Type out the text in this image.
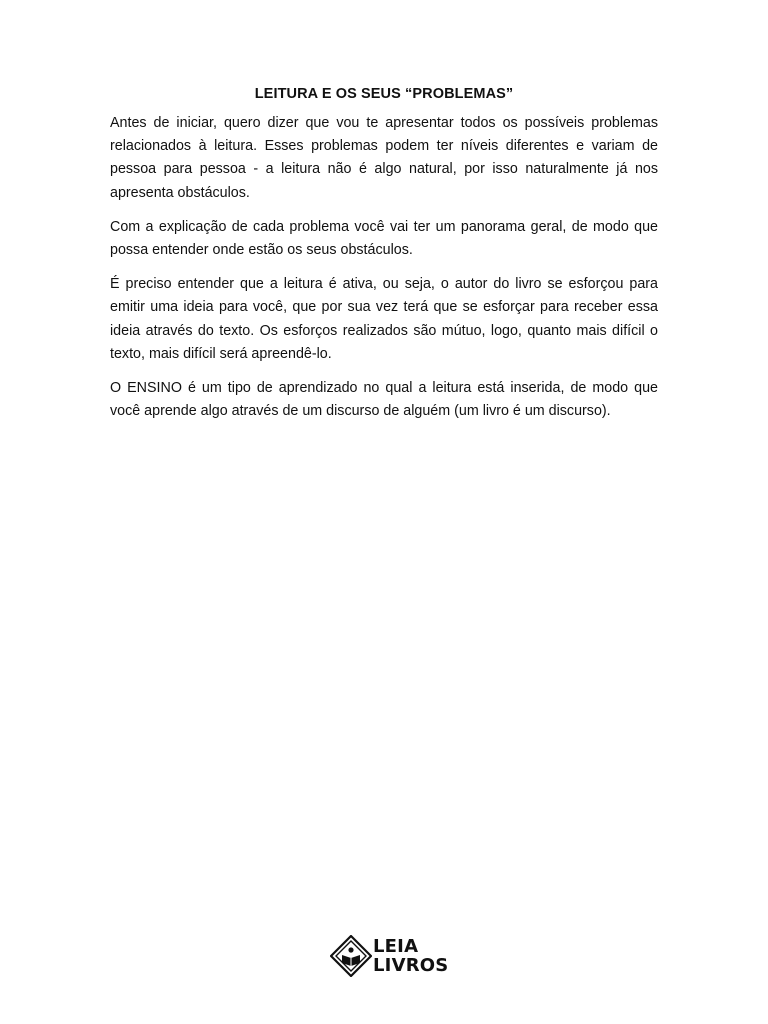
LEITURA E OS SEUS “PROBLEMAS”

Antes de iniciar, quero dizer que vou te apresentar todos os possíveis problemas relacionados à leitura. Esses problemas podem ter níveis diferentes e variam de pessoa para pessoa - a leitura não é algo natural, por isso naturalmente já nos apresenta obstáculos.

Com a explicação de cada problema você vai ter um panorama geral, de modo que possa entender onde estão os seus obstáculos.

É preciso entender que a leitura é ativa, ou seja, o autor do livro se esforçou para emitir uma ideia para você, que por sua vez terá que se esforçar para receber essa ideia através do texto. Os esforços realizados são mútuo, logo, quanto mais difícil o texto, mais difícil será apreendê-lo.

O ENSINO é um tipo de aprendizado no qual a leitura está inserida, de modo que você aprende algo através de um discurso de alguém (um livro é um discurso).

LEIA
LIVROS
